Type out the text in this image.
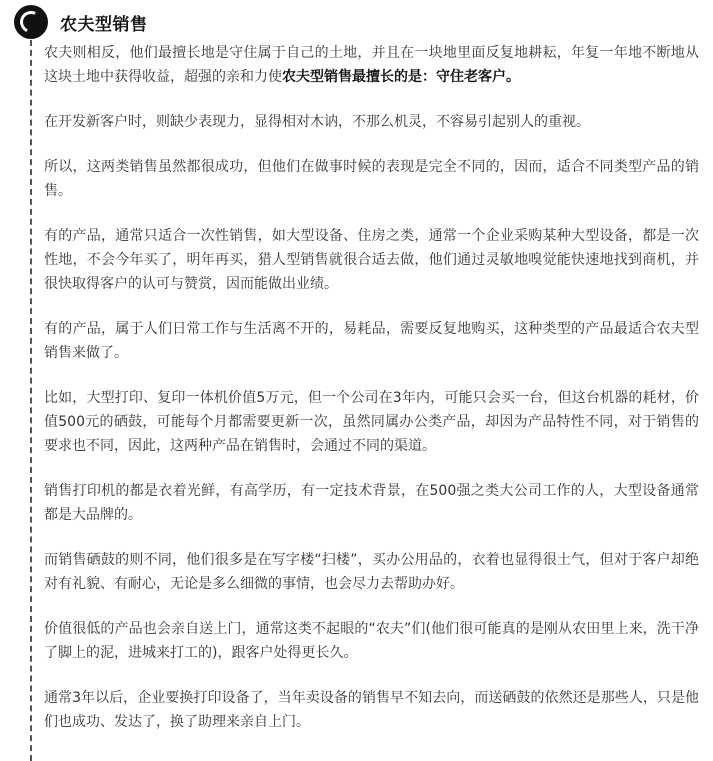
农夫型销售

农夫则相反，他们最擅长地是守住属于自己的土地，并且在一块地里面反复地耕耘，年复一年地不断地从这块土地中获得收益，超强的亲和力使农夫型销售最擅长的是：守住老客户。

在开发新客户时，则缺少表现力，显得相对木讷，不那么机灵，不容易引起别人的重视。

所以，这两类销售虽然都很成功，但他们在做事时候的表现是完全不同的，因而，适合不同类型产品的销售。

有的产品，通常只适合一次性销售，如大型设备、住房之类，通常一个企业采购某种大型设备，都是一次性地，不会今年买了，明年再买，猎人型销售就很合适去做，他们通过灵敏地嗅觉能快速地找到商机，并很快取得客户的认可与赞赏，因而能做出业绩。

有的产品，属于人们日常工作与生活离不开的，易耗品，需要反复地购买，这种类型的产品最适合农夫型销售来做了。

比如，大型打印、复印一体机价值5万元，但一个公司在3年内，可能只会买一台，但这台机器的耗材，价值500元的硒鼓，可能每个月都需要更新一次，虽然同属办公类产品，却因为产品特性不同，对于销售的要求也不同，因此，这两种产品在销售时，会通过不同的渠道。

销售打印机的都是衣着光鲜，有高学历，有一定技术背景，在500强之类大公司工作的人，大型设备通常都是大品牌的。

而销售硒鼓的则不同，他们很多是在写字楼“扫楼”，买办公用品的，衣着也显得很土气，但对于客户却绝对有礼貌、有耐心，无论是多么细微的事情，也会尽力去帮助办好。

价值很低的产品也会亲自送上门，通常这类不起眼的“农夫”们(他们很可能真的是刚从农田里上来，洗干净了脚上的泥，进城来打工的)，跟客户处得更长久。

通常3年以后，企业要换打印设备了，当年卖设备的销售早不知去向，而送硒鼓的依然还是那些人，只是他们也成功、发达了，换了助理来亲自上门。
